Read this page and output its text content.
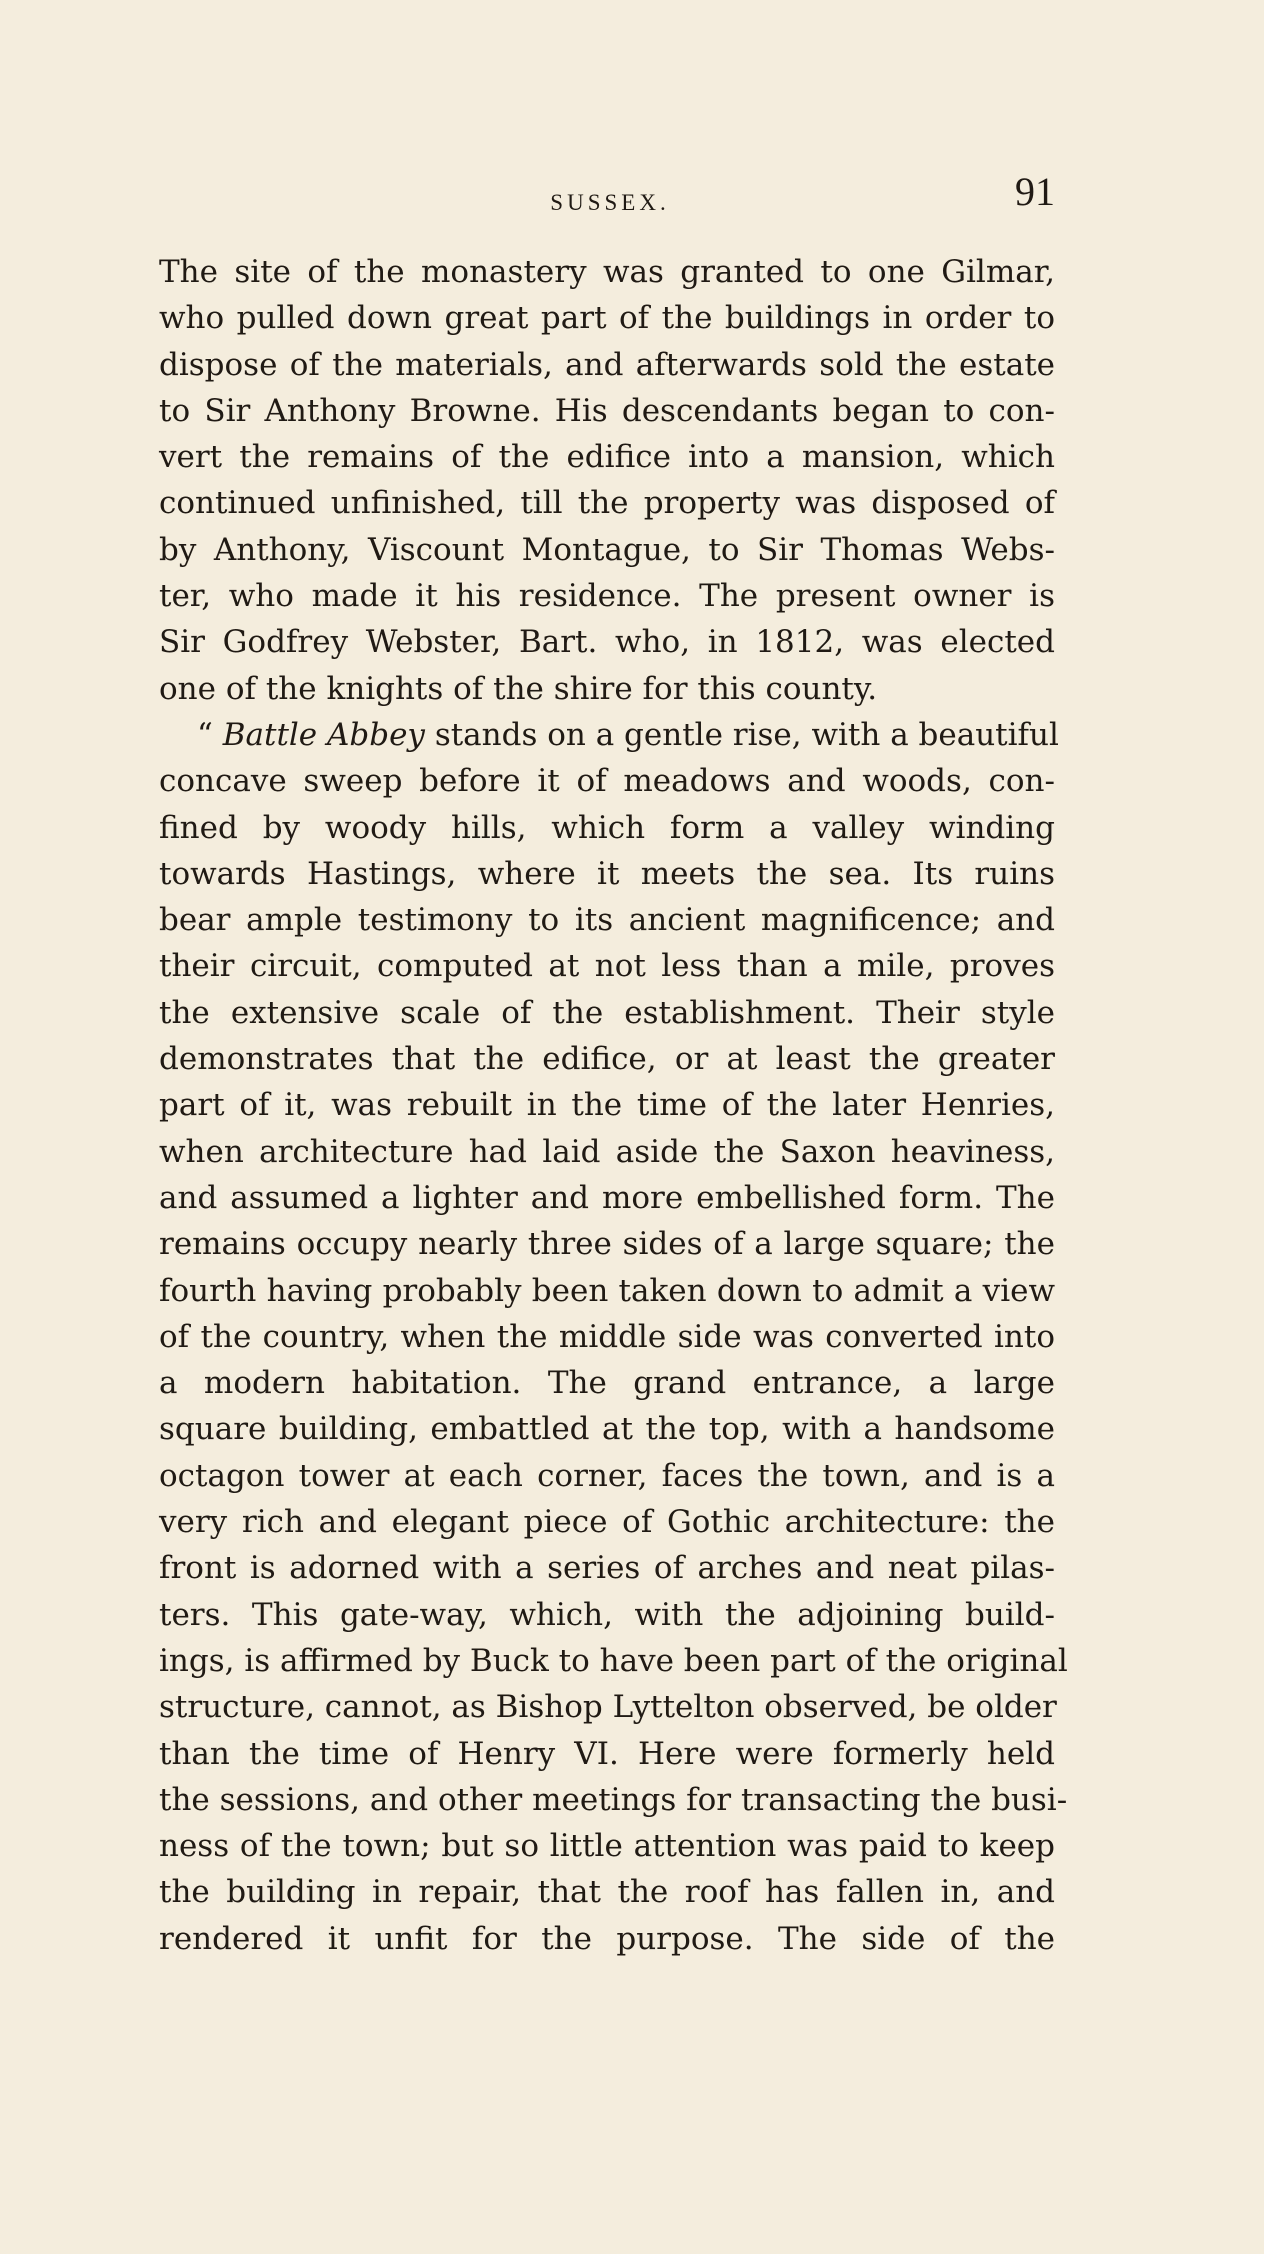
SUSSEX.	91
The site of the monastery was granted to one Gilmar,
who pulled down great part of the buildings in order to
dispose of the materials, and afterwards sold the estate
to Sir Anthony Browne. His descendants began to con-
vert the remains of the edifice into a mansion, which
continued unfinished, till the property was disposed of
by Anthony, Viscount Montague, to Sir Thomas Webs-
ter, who made it his residence. The present owner is
Sir Godfrey Webster, Bart. who, in 1812, was elected
one of the knights of the shire for this county.
“ Battle Abbey stands on a gentle rise, with a beautiful
concave sweep before it of meadows and woods, con-
fined by woody hills, which form a valley winding
towards Hastings, where it meets the sea. Its ruins
bear ample testimony to its ancient magnificence; and
their circuit, computed at not less than a mile, proves
the extensive scale of the establishment. Their style
demonstrates that the edifice, or at least the greater
part of it, was rebuilt in the time of the later Henries,
when architecture had laid aside the Saxon heaviness,
and assumed a lighter and more embellished form. The
remains occupy nearly three sides of a large square; the
fourth having probably been taken down to admit a view
of the country, when the middle side was converted into
a modern habitation. The grand entrance, a large
square building, embattled at the top, with a handsome
octagon tower at each corner, faces the town, and is a
very rich and elegant piece of Gothic architecture: the
front is adorned with a series of arches and neat pilas-
ters. This gate-way, which, with the adjoining build-
ings, is affirmed by Buck to have been part of the original
structure, cannot, as Bishop Lyttelton observed, be older
than the time of Henry VI. Here were formerly held
the sessions, and other meetings for transacting the busi-
ness of the town; but so little attention was paid to keep
the building in repair, that the roof has fallen in, and
rendered it unfit for the purpose. The side of the
